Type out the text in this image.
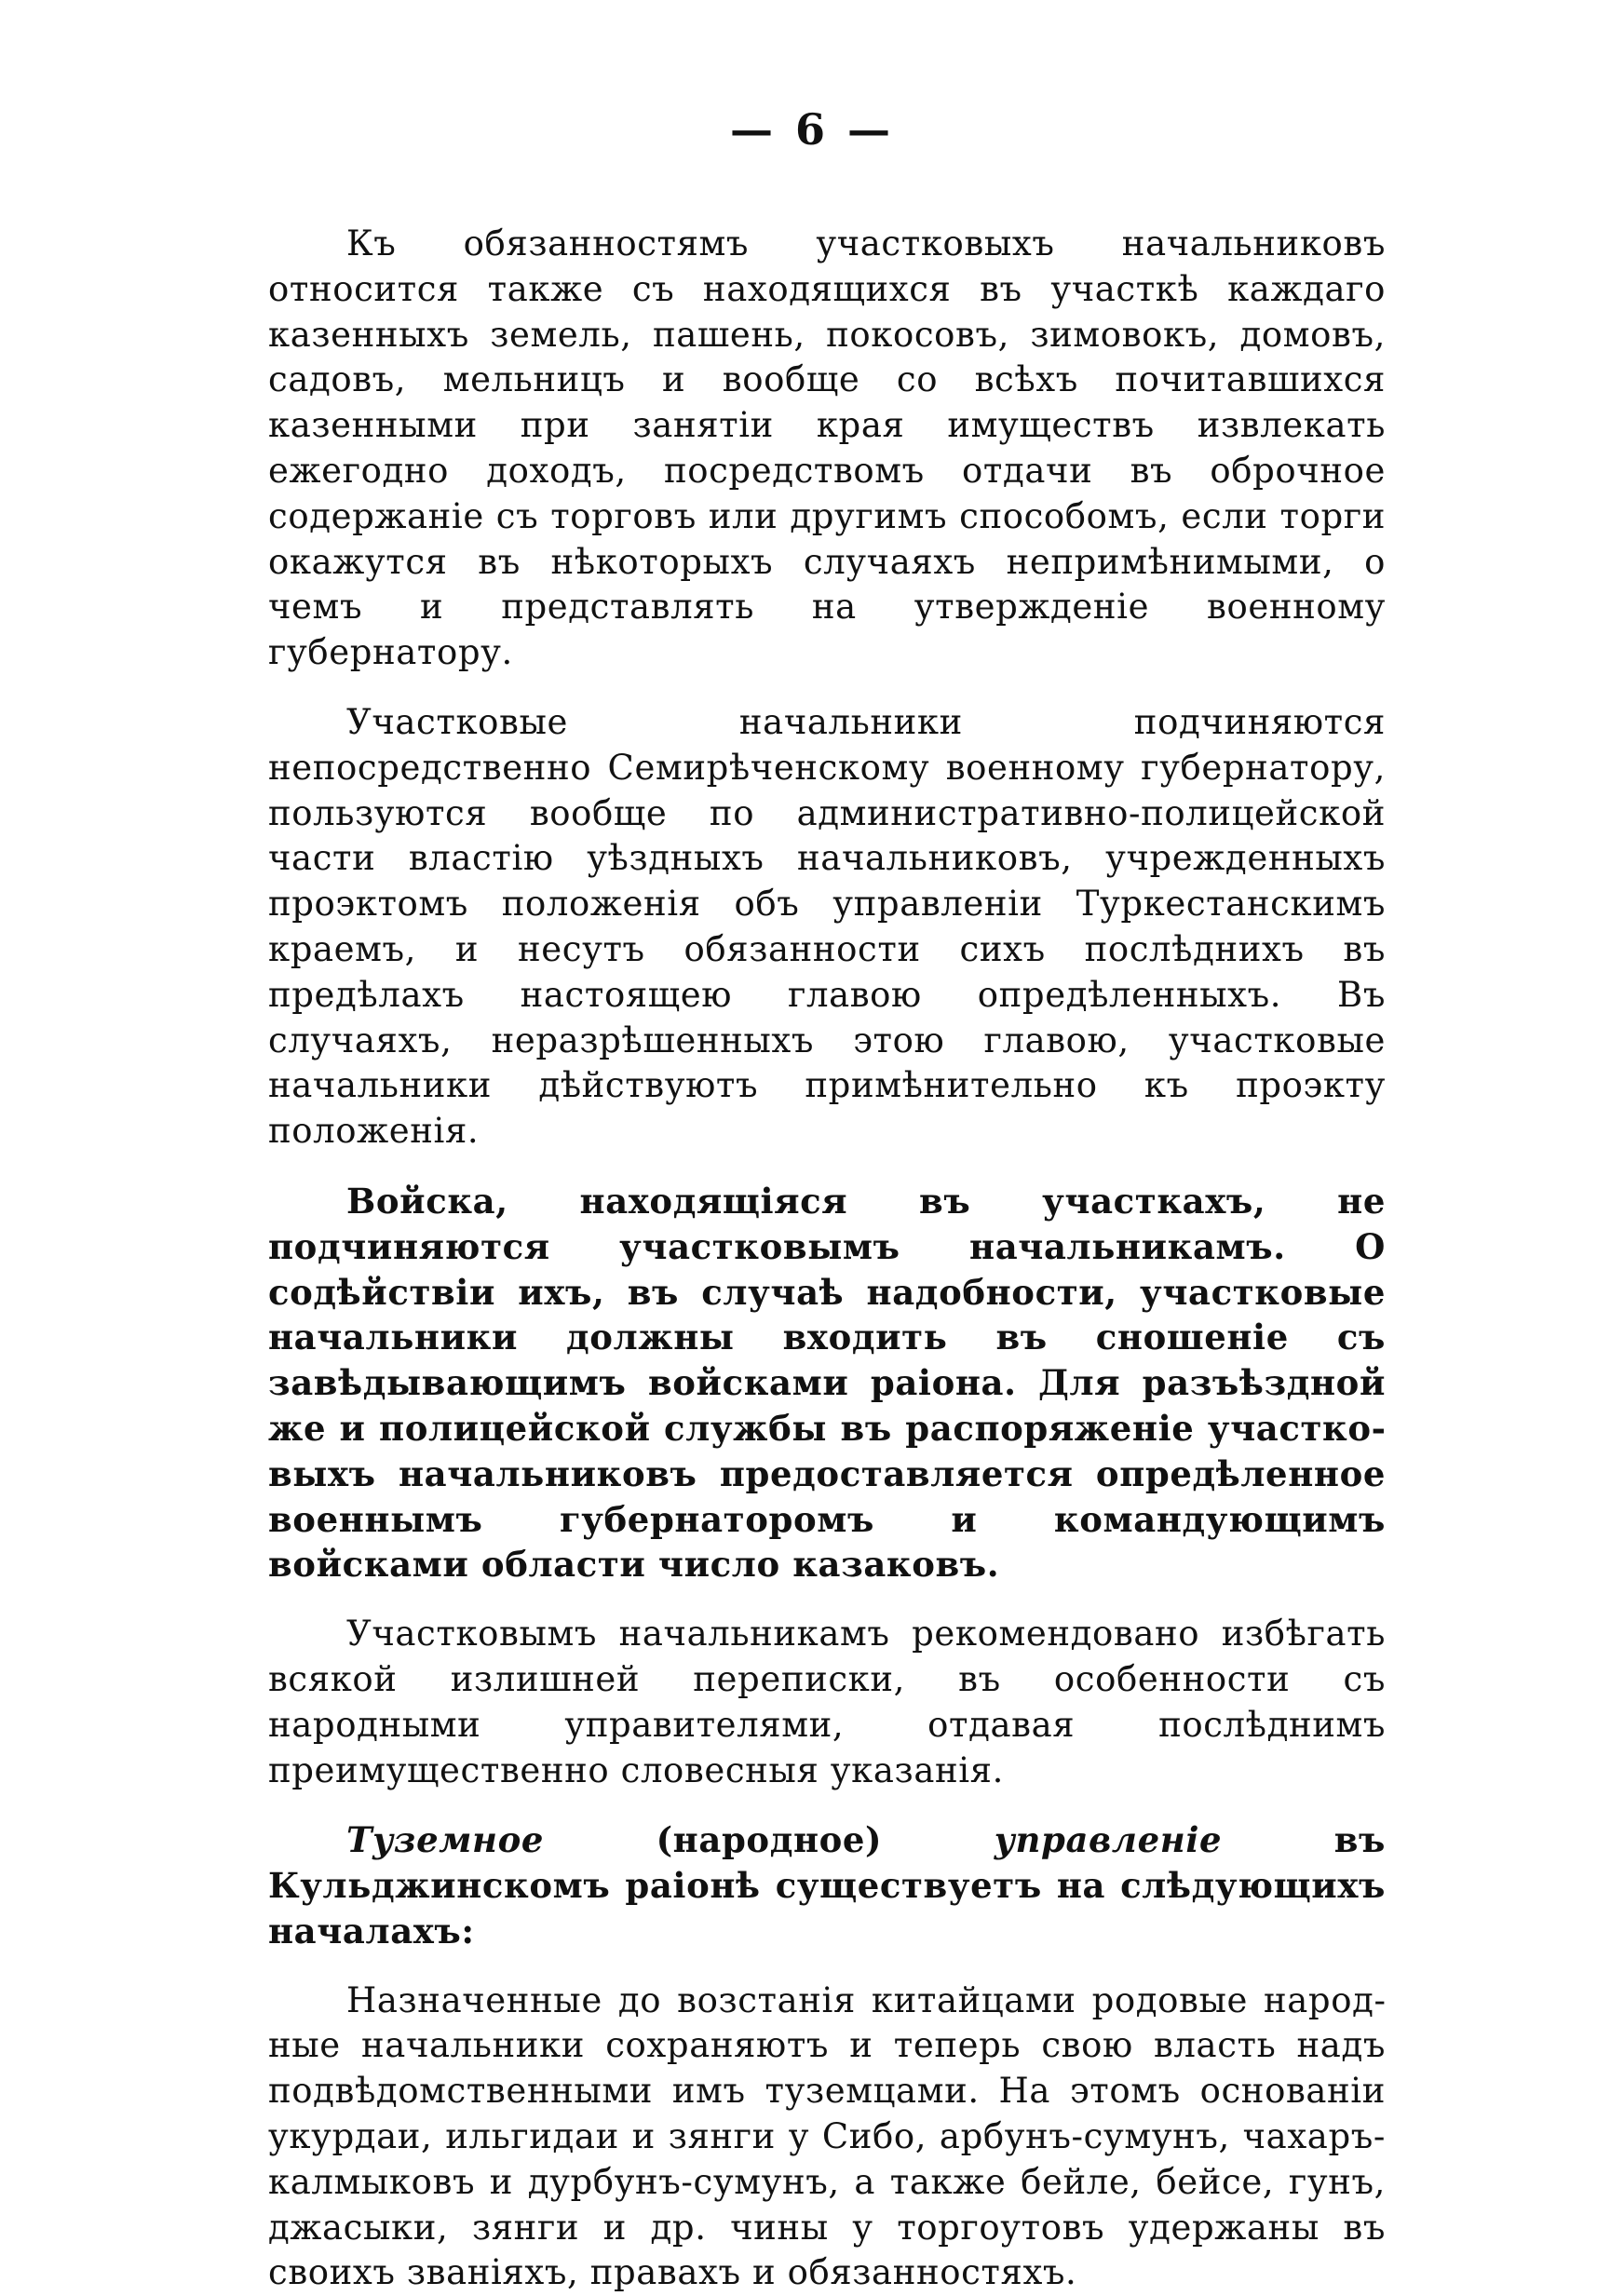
— 6 —

Къ обязанностямъ участковыхъ начальниковъ относится также съ находящихся въ участкѣ каждаго казенныхъ земель, пашень, покосовъ, зимовокъ, домовъ, садовъ, мельницъ и вообще со всѣхъ почитавшихся казенными при занятіи края имуществъ извлекать ежегодно доходъ, посредствомъ отдачи въ оброчное содержаніе съ торговъ или другимъ способомъ, если торги окажутся въ нѣкоторыхъ случаяхъ непримѣнимыми, о чемъ и представлять на утвержденіе военному губернатору.

Участковые начальники подчиняются непосредственно Семирѣченскому военному губернатору, пользуются вообще по административно-полицейской части властію уѣздныхъ начальниковъ, учрежденныхъ проэктомъ положенія объ управленіи Туркестанскимъ краемъ, и несутъ обязанности сихъ послѣднихъ въ предѣлахъ настоящею главою опредѣленныхъ. Въ случаяхъ, неразрѣшенныхъ этою главою, участковые начальники дѣйствуютъ примѣнительно къ проэкту положенія.

Войска, находящіяся въ участкахъ, не подчиняются участковымъ начальникамъ. О содѣйствіи ихъ, въ случаѣ надобности, участковые начальники должны входить въ сношеніе съ завѣдывающимъ войсками раіона. Для разъѣздной же и полицейской службы въ распоряженіе участковыхъ начальниковъ предоставляется опредѣленное военнымъ губернаторомъ и командующимъ войсками области число казаковъ.

Участковымъ начальникамъ рекомендовано избѣгать всякой излишней переписки, въ особенности съ народными управителями, отдавая послѣднимъ преимущественно словесныя указанія.

Туземное (народное) управленіе въ Кульджинскомъ раіонѣ существуетъ на слѣдующихъ началахъ:

Назначенные до возстанія китайцами родовые народные начальники сохраняютъ и теперь свою власть надъ подвѣдомственными имъ туземцами. На этомъ основаніи укурдаи, ильгидаи и зянги у Сибо, арбунъ-сумунъ, чахаръ-калмыковъ и дурбунъ-сумунъ, а также бейле, бейсе, гунъ, джасыки, зянги и др. чины у торгоутовъ удержаны въ своихъ званіяхъ, правахъ и обязанностяхъ.
